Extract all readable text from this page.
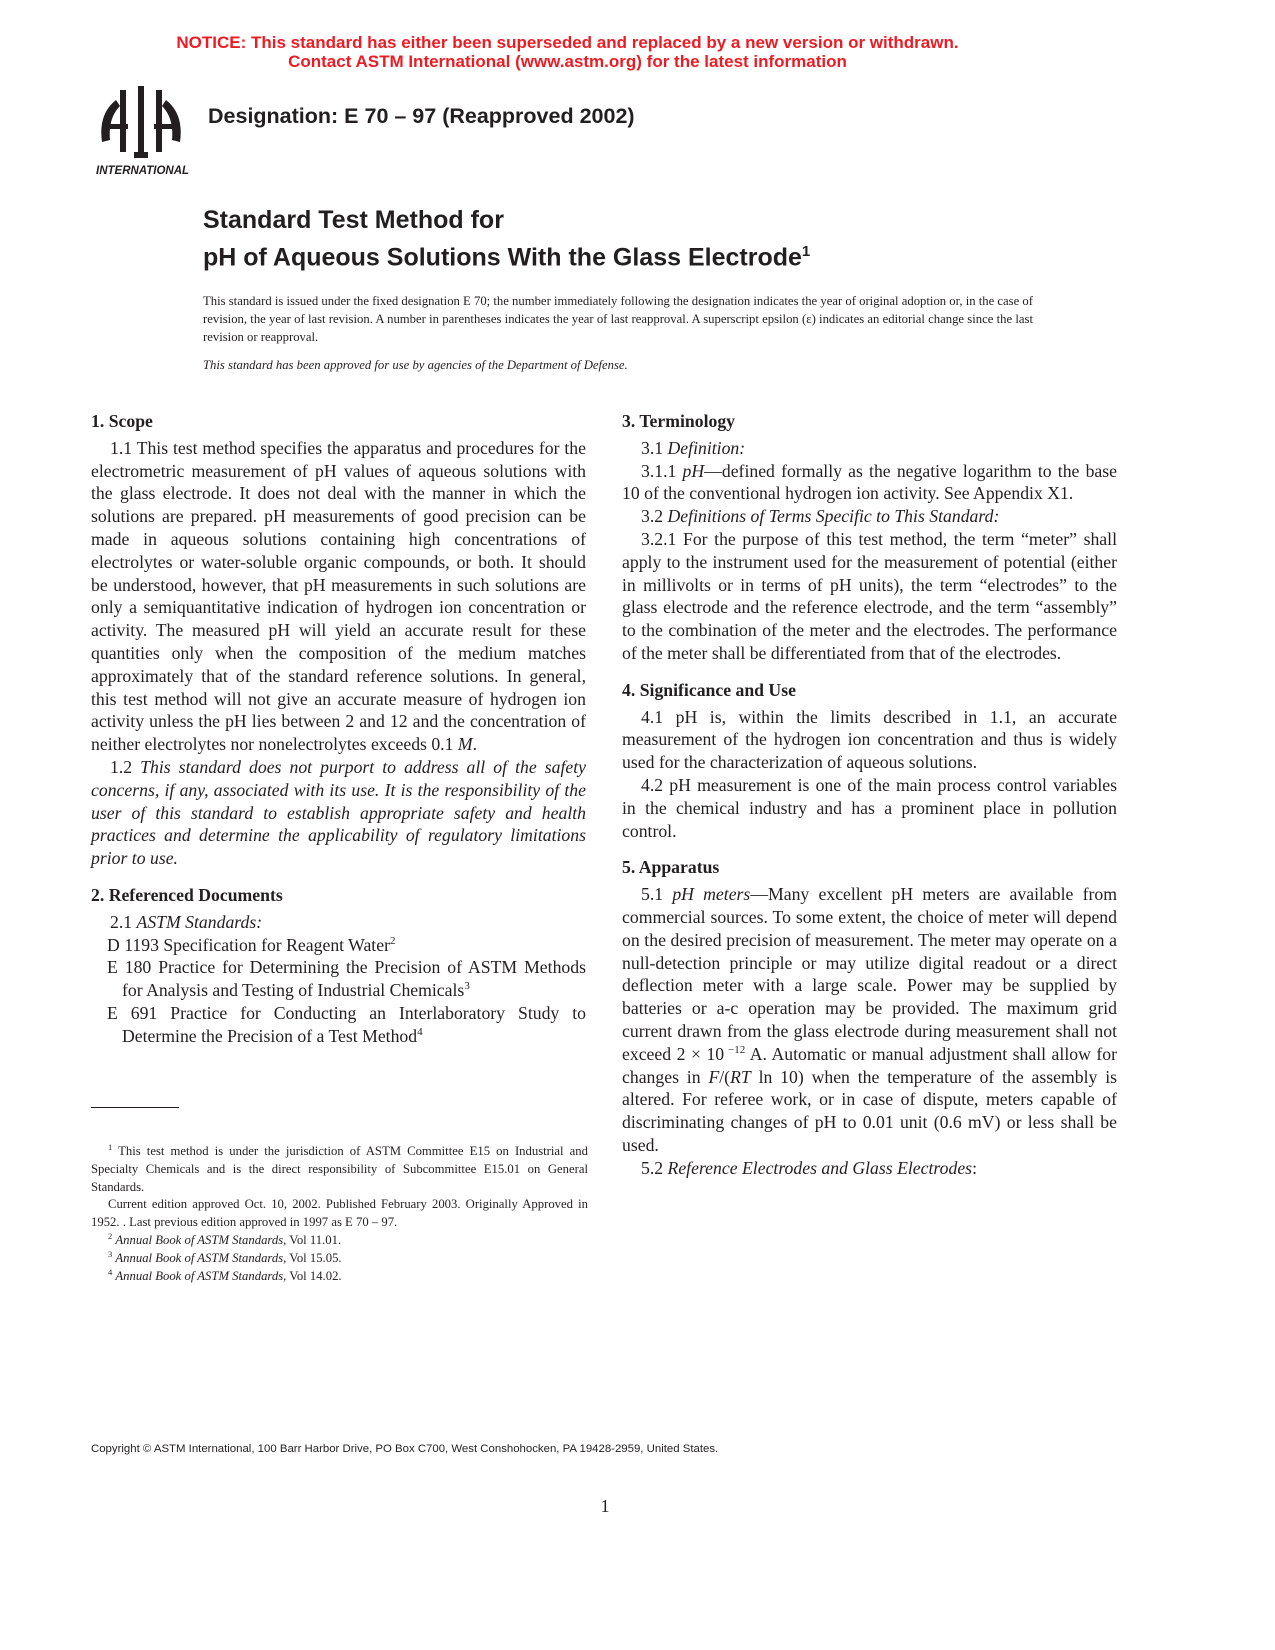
NOTICE: This standard has either been superseded and replaced by a new version or withdrawn.
Contact ASTM International (www.astm.org) for the latest information
INTERNATIONAL
Designation: E 70 – 97 (Reapproved 2002)
Standard Test Method for
pH of Aqueous Solutions With the Glass Electrode$^1$
This standard is issued under the fixed designation E 70; the number immediately following the designation indicates the year of original adoption or, in the case of revision, the year of last revision. A number in parentheses indicates the year of last reapproval. A superscript epsilon (ε) indicates an editorial change since the last revision or reapproval.
This standard has been approved for use by agencies of the Department of Defense.

1. Scope

1.1 This test method specifies the apparatus and procedures for the electrometric measurement of pH values of aqueous solutions with the glass electrode. It does not deal with the manner in which the solutions are prepared. pH measurements of good precision can be made in aqueous solutions containing high concentrations of electrolytes or water-soluble organic compounds, or both. It should be understood, however, that pH measurements in such solutions are only a semiquantitative indication of hydrogen ion concentration or activity. The measured pH will yield an accurate result for these quantities only when the composition of the medium matches approximately that of the standard reference solutions. In general, this test method will not give an accurate measure of hydrogen ion activity unless the pH lies between 2 and 12 and the concentration of neither electrolytes nor nonelectrolytes exceeds 0.1 M.

1.2 This standard does not purport to address all of the safety concerns, if any, associated with its use. It is the responsibility of the user of this standard to establish appropriate safety and health practices and determine the applicability of regulatory limitations prior to use.

2. Referenced Documents

2.1 ASTM Standards:

D 1193 Specification for Reagent Water$^2$

E 180 Practice for Determining the Precision of ASTM Methods for Analysis and Testing of Industrial Chemicals$^3$

E 691 Practice for Conducting an Interlaboratory Study to Determine the Precision of a Test Method$^4$

3. Terminology

3.1 Definition:

3.1.1 pH—defined formally as the negative logarithm to the base 10 of the conventional hydrogen ion activity. See Appendix X1.

3.2 Definitions of Terms Specific to This Standard:

3.2.1 For the purpose of this test method, the term “meter” shall apply to the instrument used for the measurement of potential (either in millivolts or in terms of pH units), the term “electrodes” to the glass electrode and the reference electrode, and the term “assembly” to the combination of the meter and the electrodes. The performance of the meter shall be differentiated from that of the electrodes.

4. Significance and Use

4.1 pH is, within the limits described in 1.1, an accurate measurement of the hydrogen ion concentration and thus is widely used for the characterization of aqueous solutions.

4.2 pH measurement is one of the main process control variables in the chemical industry and has a prominent place in pollution control.

5. Apparatus

5.1 pH meters—Many excellent pH meters are available from commercial sources. To some extent, the choice of meter will depend on the desired precision of measurement. The meter may operate on a null-detection principle or may utilize digital readout or a direct deflection meter with a large scale. Power may be supplied by batteries or a-c operation may be provided. The maximum grid current drawn from the glass electrode during measurement shall not exceed 2 × 10 $^{-12}$ A. Automatic or manual adjustment shall allow for changes in F/(RT ln 10) when the temperature of the assembly is altered. For referee work, or in case of dispute, meters capable of discriminating changes of pH to 0.01 unit (0.6 mV) or less shall be used.

5.2 Reference Electrodes and Glass Electrodes:

$^1$ This test method is under the jurisdiction of ASTM Committee E15 on Industrial and Specialty Chemicals and is the direct responsibility of Subcommittee E15.01 on General Standards.

Current edition approved Oct. 10, 2002. Published February 2003. Originally Approved in 1952. . Last previous edition approved in 1997 as E 70 – 97.

$^2$ Annual Book of ASTM Standards, Vol 11.01.

$^3$ Annual Book of ASTM Standards, Vol 15.05.

$^4$ Annual Book of ASTM Standards, Vol 14.02.

Copyright © ASTM International, 100 Barr Harbor Drive, PO Box C700, West Conshohocken, PA 19428-2959, United States.
1
